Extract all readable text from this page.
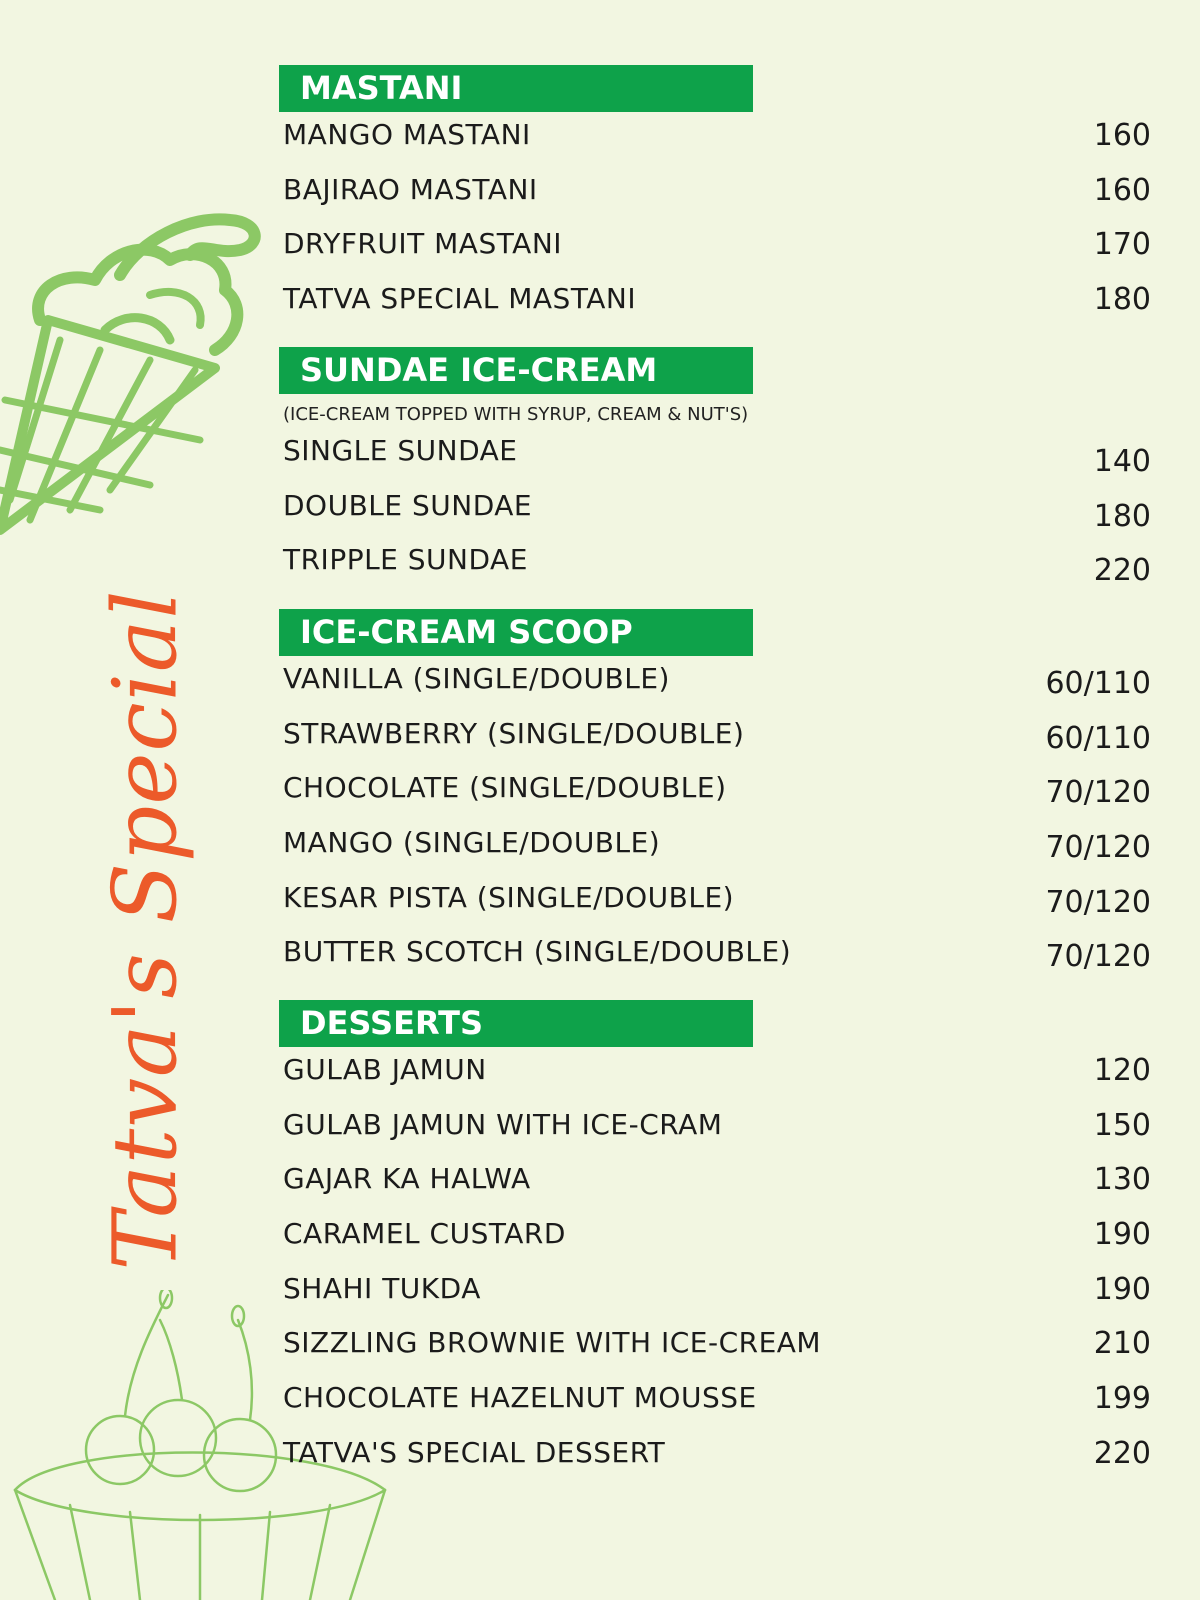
Tatva's Special
MASTANI
MANGO MASTANI	160
BAJIRAO MASTANI	160
DRYFRUIT MASTANI	170
TATVA SPECIAL MASTANI	180
SUNDAE ICE-CREAM
(ICE-CREAM TOPPED WITH SYRUP, CREAM & NUT'S)
SINGLE SUNDAE	140
DOUBLE SUNDAE	180
TRIPPLE SUNDAE	220
ICE-CREAM SCOOP
VANILLA (SINGLE/DOUBLE)	60/110
STRAWBERRY (SINGLE/DOUBLE)	60/110
CHOCOLATE (SINGLE/DOUBLE)	70/120
MANGO (SINGLE/DOUBLE)	70/120
KESAR PISTA (SINGLE/DOUBLE)	70/120
BUTTER SCOTCH (SINGLE/DOUBLE)	70/120
DESSERTS
GULAB JAMUN	120
GULAB JAMUN WITH ICE-CRAM	150
GAJAR KA HALWA	130
CARAMEL CUSTARD	190
SHAHI TUKDA	190
SIZZLING BROWNIE WITH ICE-CREAM	210
CHOCOLATE HAZELNUT MOUSSE	199
TATVA'S SPECIAL DESSERT	220
